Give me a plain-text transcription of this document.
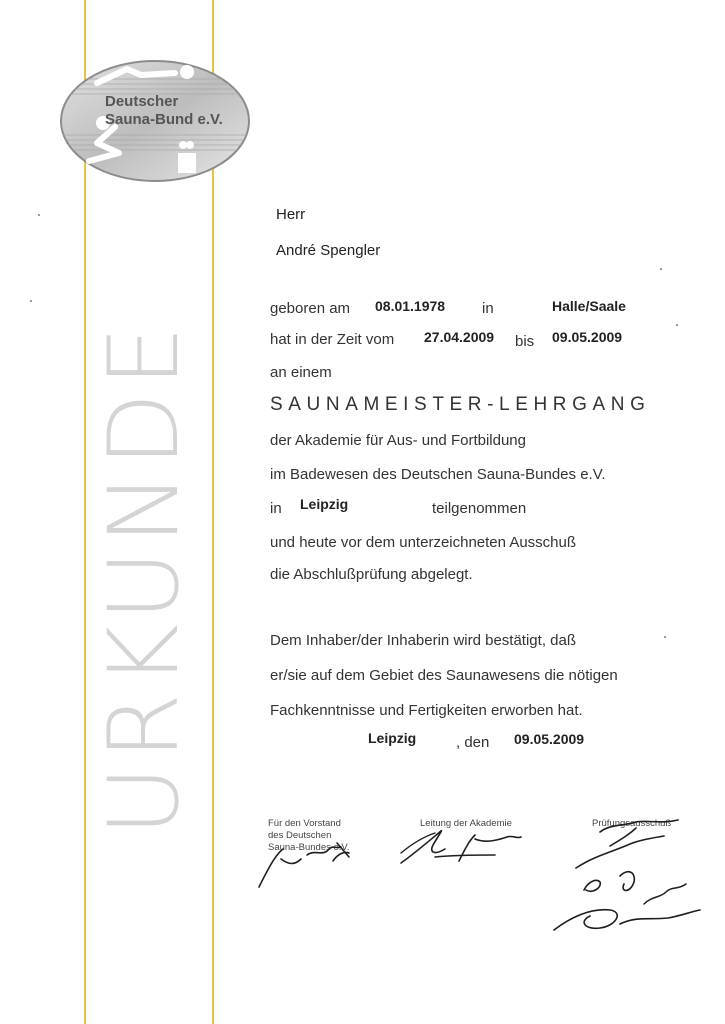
Deutscher
Sauna-Bund e.V.
URKUNDE
Herr
André Spengler
geboren am 08.01.1978 in	Halle/Saale
hat in der Zeit vom 27.04.2009 bis 09.05.2009
an einem
SAUNAMEISTER-LEHRGANG
der Akademie für Aus- und Fortbildung
im Badewesen des Deutschen Sauna-Bundes e.V.
in Leipzig	teilgenommen
und heute vor dem unterzeichneten Ausschuß
die Abschlußprüfung abgelegt.
Dem Inhaber/der Inhaberin wird bestätigt, daß
er/sie auf dem Gebiet des Saunawesens die nötigen
Fachkenntnisse und Fertigkeiten erworben hat.
Leipzig	, den 09.05.2009
Für den Vorstand
des Deutschen
Sauna-Bundes e.V.
Leitung der Akademie	Prüfungsausschuß
